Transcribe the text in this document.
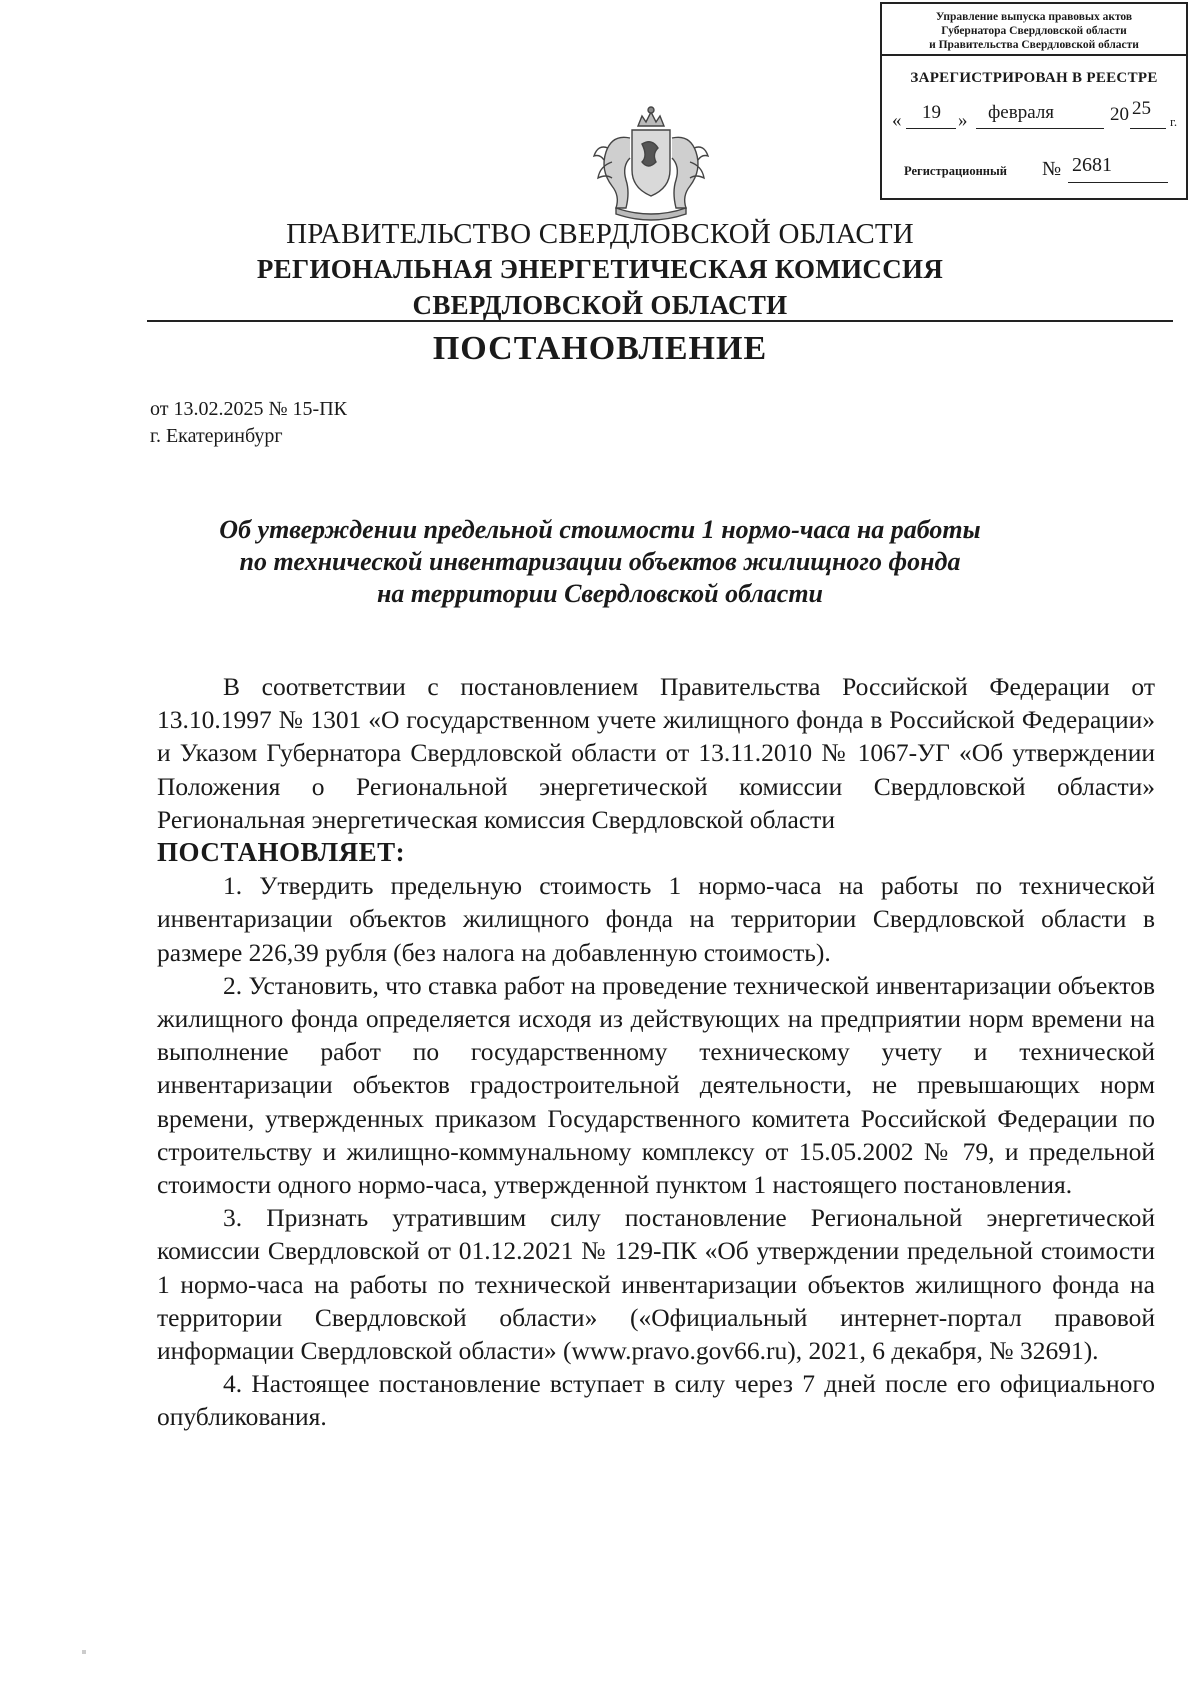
Управление выпуска правовых актов
Губернатора Свердловской области
и Правительства Свердловской области
ЗАРЕГИСТРИРОВАН В РЕЕСТРЕ
« 19 » февраля	20 25
г.
Регистрационный № 2681
ПРАВИТЕЛЬСТВО СВЕРДЛОВСКОЙ ОБЛАСТИ
РЕГИОНАЛЬНАЯ ЭНЕРГЕТИЧЕСКАЯ КОМИССИЯ
СВЕРДЛОВСКОЙ ОБЛАСТИ
ПОСТАНОВЛЕНИЕ
от 13.02.2025 № 15-ПК
г. Екатеринбург
Об утверждении предельной стоимости 1 нормо-часа на работы
по технической инвентаризации объектов жилищного фонда
на территории Свердловской области

В соответствии с постановлением Правительства Российской Федерации от 13.10.1997 № 1301 «О государственном учете жилищного фонда в Российской Федерации» и Указом Губернатора Свердловской области от 13.11.2010 № 1067-УГ «Об утверждении Положения о Региональной энергетической комиссии Свердловской области» Региональная энергетическая комиссия Свердловской области

ПОСТАНОВЛЯЕТ:

1. Утвердить предельную стоимость 1 нормо-часа на работы по технической инвентаризации объектов жилищного фонда на территории Свердловской области в размере 226,39 рубля (без налога на добавленную стоимость).

2. Установить, что ставка работ на проведение технической инвентаризации объектов жилищного фонда определяется исходя из действующих на предприятии норм времени на выполнение работ по государственному техническому учету и технической инвентаризации объектов градостроительной деятельности, не превышающих норм времени, утвержденных приказом Государственного комитета Российской Федерации по строительству и жилищно-коммунальному комплексу от 15.05.2002 № 79, и предельной стоимости одного нормо-часа, утвержденной пунктом 1 настоящего постановления.

3. Признать утратившим силу постановление Региональной энергетической комиссии Свердловской от 01.12.2021 № 129-ПК «Об утверждении предельной стоимости 1 нормо-часа на работы по технической инвентаризации объектов жилищного фонда на территории Свердловской области» («Официальный интернет-портал правовой информации Свердловской области» (www.pravo.gov66.ru), 2021, 6 декабря, № 32691).

4. Настоящее постановление вступает в силу через 7 дней после его официального опубликования.
